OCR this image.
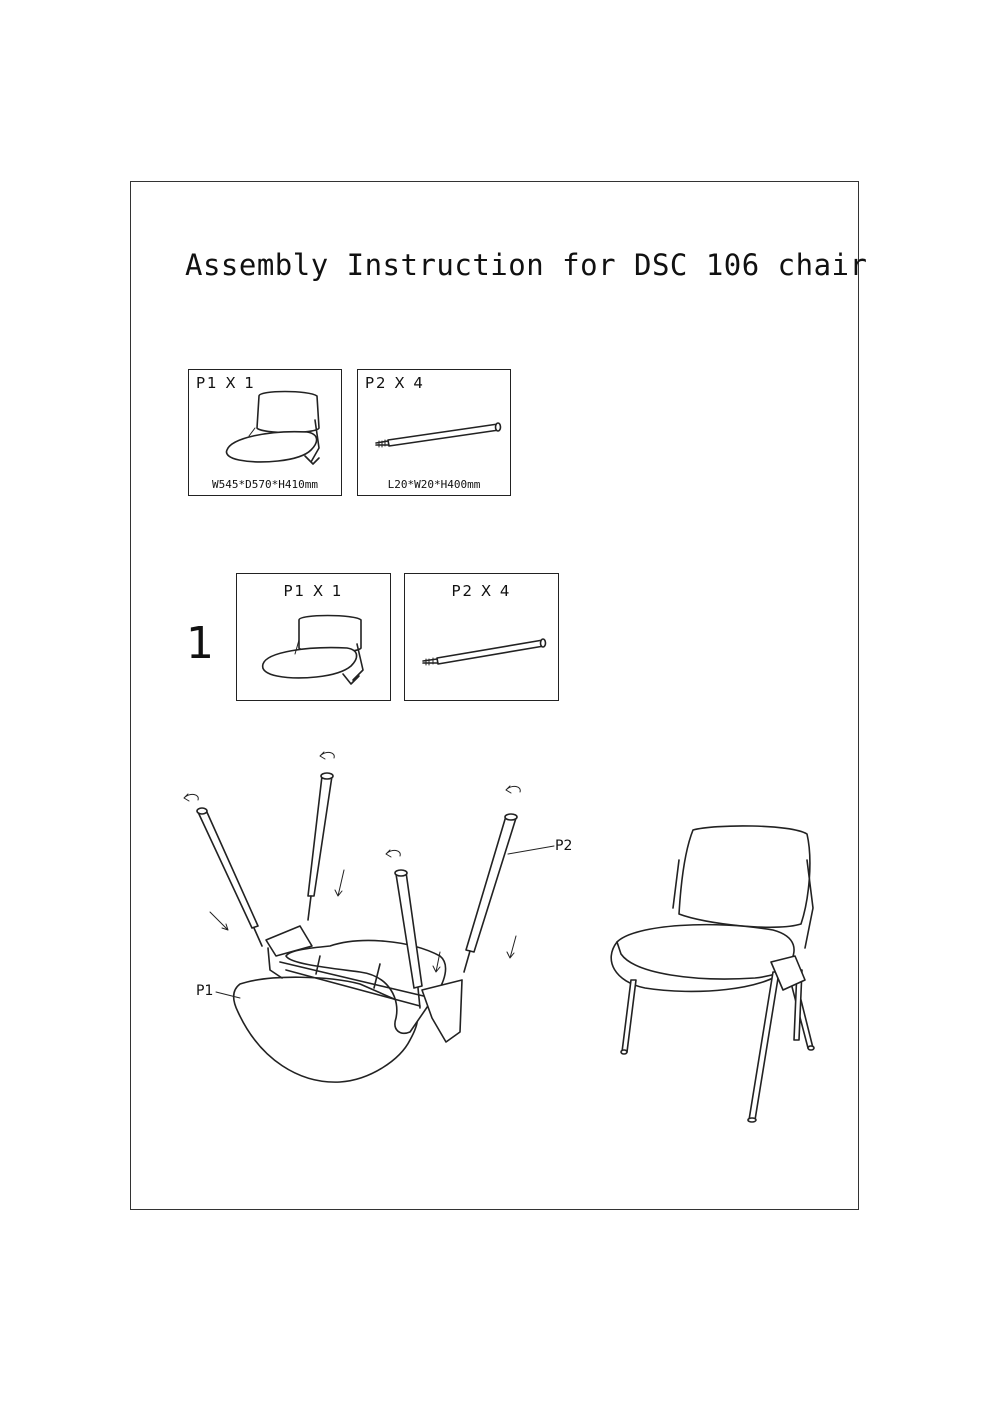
Assembly Instruction for DSC 106 chair
P1 X 1
W545*D570*H410mm
P2 X 4
L20*W20*H400mm
1
P1 X 1	P2 X 4
P1
P2
